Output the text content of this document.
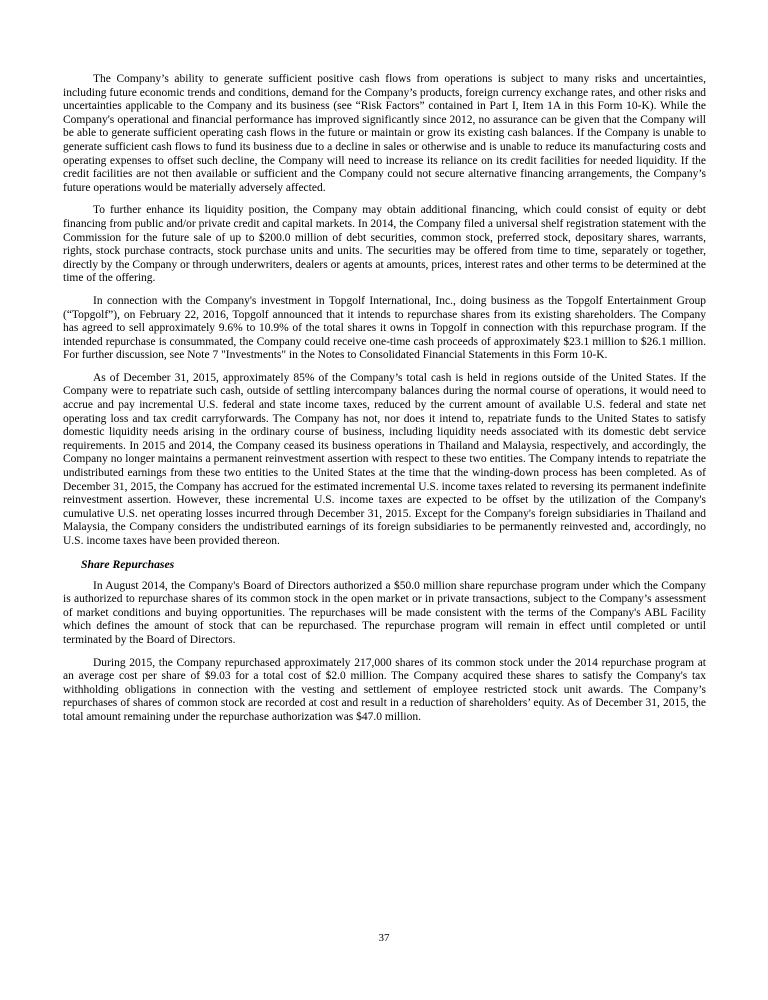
The Company’s ability to generate sufficient positive cash flows from operations is subject to many risks and uncertainties, including future economic trends and conditions, demand for the Company’s products, foreign currency exchange rates, and other risks and uncertainties applicable to the Company and its business (see “Risk Factors” contained in Part I, Item 1A in this Form 10-K). While the Company's operational and financial performance has improved significantly since 2012, no assurance can be given that the Company will be able to generate sufficient operating cash flows in the future or maintain or grow its existing cash balances. If the Company is unable to generate sufficient cash flows to fund its business due to a decline in sales or otherwise and is unable to reduce its manufacturing costs and operating expenses to offset such decline, the Company will need to increase its reliance on its credit facilities for needed liquidity. If the credit facilities are not then available or sufficient and the Company could not secure alternative financing arrangements, the Company’s future operations would be materially adversely affected.

To further enhance its liquidity position, the Company may obtain additional financing, which could consist of equity or debt financing from public and/or private credit and capital markets. In 2014, the Company filed a universal shelf registration statement with the Commission for the future sale of up to $200.0 million of debt securities, common stock, preferred stock, depositary shares, warrants, rights, stock purchase contracts, stock purchase units and units. The securities may be offered from time to time, separately or together, directly by the Company or through underwriters, dealers or agents at amounts, prices, interest rates and other terms to be determined at the time of the offering.

In connection with the Company's investment in Topgolf International, Inc., doing business as the Topgolf Entertainment Group (“Topgolf”), on February 22, 2016, Topgolf announced that it intends to repurchase shares from its existing shareholders. The Company has agreed to sell approximately 9.6% to 10.9% of the total shares it owns in Topgolf in connection with this repurchase program. If the intended repurchase is consummated, the Company could receive one-time cash proceeds of approximately $23.1 million to $26.1 million. For further discussion, see Note 7 "Investments" in the Notes to Consolidated Financial Statements in this Form 10-K.

As of December 31, 2015, approximately 85% of the Company’s total cash is held in regions outside of the United States. If the Company were to repatriate such cash, outside of settling intercompany balances during the normal course of operations, it would need to accrue and pay incremental U.S. federal and state income taxes, reduced by the current amount of available U.S. federal and state net operating loss and tax credit carryforwards. The Company has not, nor does it intend to, repatriate funds to the United States to satisfy domestic liquidity needs arising in the ordinary course of business, including liquidity needs associated with its domestic debt service requirements. In 2015 and 2014, the Company ceased its business operations in Thailand and Malaysia, respectively, and accordingly, the Company no longer maintains a permanent reinvestment assertion with respect to these two entities. The Company intends to repatriate the undistributed earnings from these two entities to the United States at the time that the winding-down process has been completed. As of December 31, 2015, the Company has accrued for the estimated incremental U.S. income taxes related to reversing its permanent indefinite reinvestment assertion. However, these incremental U.S. income taxes are expected to be offset by the utilization of the Company's cumulative U.S. net operating losses incurred through December 31, 2015. Except for the Company's foreign subsidiaries in Thailand and Malaysia, the Company considers the undistributed earnings of its foreign subsidiaries to be permanently reinvested and, accordingly, no U.S. income taxes have been provided thereon.

Share Repurchases

In August 2014, the Company's Board of Directors authorized a $50.0 million share repurchase program under which the Company is authorized to repurchase shares of its common stock in the open market or in private transactions, subject to the Company’s assessment of market conditions and buying opportunities. The repurchases will be made consistent with the terms of the Company's ABL Facility which defines the amount of stock that can be repurchased. The repurchase program will remain in effect until completed or until terminated by the Board of Directors.

During 2015, the Company repurchased approximately 217,000 shares of its common stock under the 2014 repurchase program at an average cost per share of $9.03 for a total cost of $2.0 million. The Company acquired these shares to satisfy the Company's tax withholding obligations in connection with the vesting and settlement of employee restricted stock unit awards. The Company’s repurchases of shares of common stock are recorded at cost and result in a reduction of shareholders’ equity. As of December 31, 2015, the total amount remaining under the repurchase authorization was $47.0 million.

37
